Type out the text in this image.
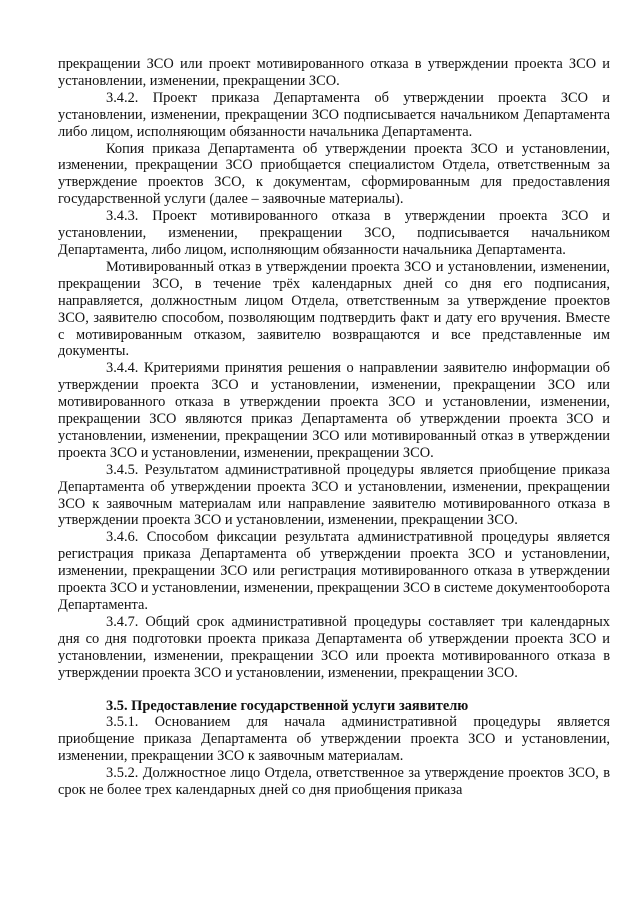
прекращении ЗСО или проект мотивированного отказа в утверждении проекта ЗСО и установлении, изменении, прекращении ЗСО.

3.4.2. Проект приказа Департамента об утверждении проекта ЗСО и установлении, изменении, прекращении ЗСО подписывается начальником Департамента либо лицом, исполняющим обязанности начальника Департамента.

Копия приказа Департамента об утверждении проекта ЗСО и установлении, изменении, прекращении ЗСО приобщается специалистом Отдела, ответственным за утверждение проектов ЗСО, к документам, сформированным для предоставления государственной услуги (далее – заявочные материалы).

3.4.3. Проект мотивированного отказа в утверждении проекта ЗСО и установлении, изменении, прекращении ЗСО, подписывается начальником Департамента, либо лицом, исполняющим обязанности начальника Департамента.

Мотивированный отказ в утверждении проекта ЗСО и установлении, изменении, прекращении ЗСО, в течение трёх календарных дней со дня его подписания, направляется, должностным лицом Отдела, ответственным за утверждение проектов ЗСО, заявителю способом, позволяющим подтвердить факт и дату его вручения. Вместе с мотивированным отказом, заявителю возвращаются и все представленные им документы.

3.4.4. Критериями принятия решения о направлении заявителю информации об утверждении проекта ЗСО и установлении, изменении, прекращении ЗСО или мотивированного отказа в утверждении проекта ЗСО и установлении, изменении, прекращении ЗСО являются приказ Департамента об утверждении проекта ЗСО и установлении, изменении, прекращении ЗСО или мотивированный отказ в утверждении проекта ЗСО и установлении, изменении, прекращении ЗСО.

3.4.5. Результатом административной процедуры является приобщение приказа Департамента об утверждении проекта ЗСО и установлении, изменении, прекращении ЗСО к заявочным материалам или направление заявителю мотивированного отказа в утверждении проекта ЗСО и установлении, изменении, прекращении ЗСО.

3.4.6. Способом фиксации результата административной процедуры является регистрация приказа Департамента об утверждении проекта ЗСО и установлении, изменении, прекращении ЗСО или регистрация мотивированного отказа в утверждении проекта ЗСО и установлении, изменении, прекращении ЗСО в системе документооборота Департамента.

3.4.7. Общий срок административной процедуры составляет три календарных дня со дня подготовки проекта приказа Департамента об утверждении проекта ЗСО и установлении, изменении, прекращении ЗСО или проекта мотивированного отказа в утверждении проекта ЗСО и установлении, изменении, прекращении ЗСО.

3.5. Предоставление государственной услуги заявителю

3.5.1. Основанием для начала административной процедуры является приобщение приказа Департамента об утверждении проекта ЗСО и установлении, изменении, прекращении ЗСО к заявочным материалам.

3.5.2. Должностное лицо Отдела, ответственное за утверждение проектов ЗСО, в срок не более трех календарных дней со дня приобщения приказа
